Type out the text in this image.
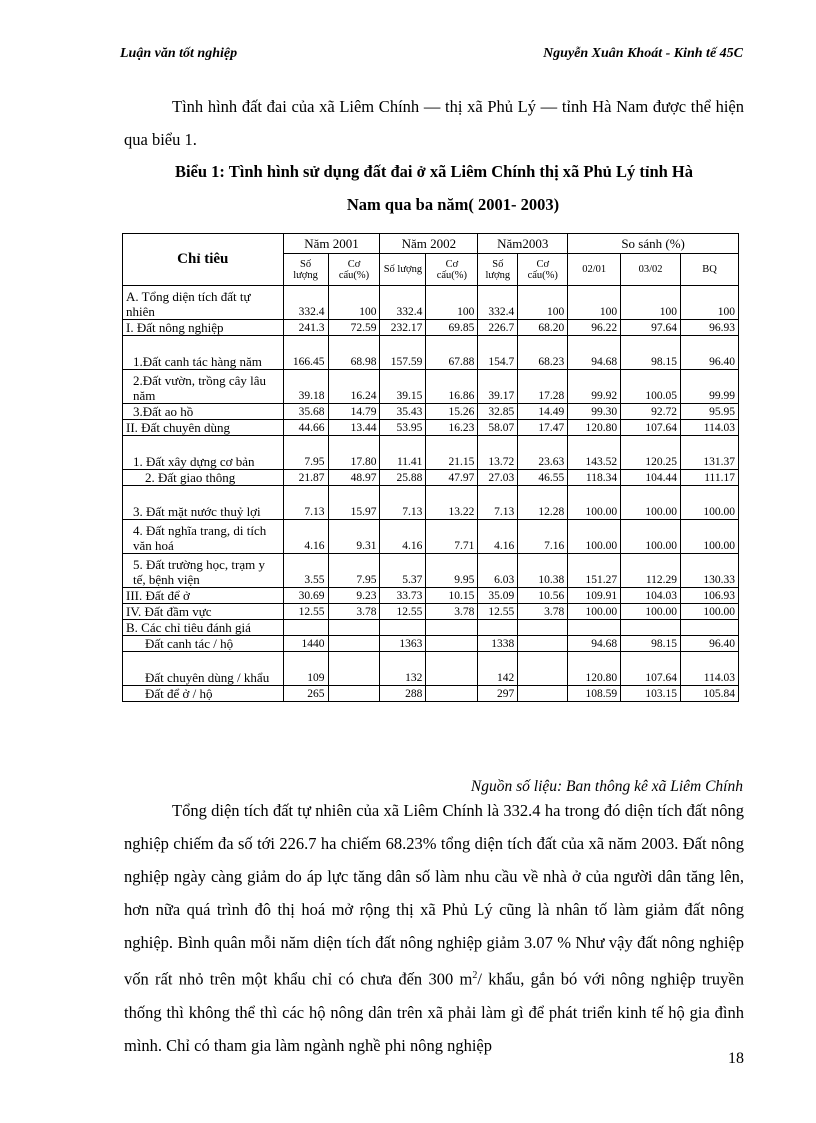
Luận văn tốt nghiệp	Nguyễn Xuân Khoát - Kinh tế 45C
Tình hình đất đai của xã Liêm Chính — thị xã Phủ Lý — tỉnh Hà Nam được thể hiện qua biểu 1.
Biểu 1: Tình hình sử dụng đất đai ở xã Liêm Chính thị xã Phủ Lý tỉnh Hà
Nam qua ba năm( 2001- 2003)
Chỉ tiêu	Năm 2001		Năm 2002		Năm2003		So sánh (%)		
	Số lượng	Cơ cấu(%)	Số lượng	Cơ cấu(%)	Số lượng	Cơ cấu(%)	02/01	03/02	BQ
A. Tổng diện tích đất tự nhiên	332.4	100	332.4	100	332.4	100	100	100	100
I. Đất nông nghiệp	241.3	72.59	232.17	69.85	226.7	68.20	96.22	97.64	96.93
1.Đất canh tác hàng năm	166.45	68.98	157.59	67.88	154.7	68.23	94.68	98.15	96.40
2.Đất vườn, trồng cây lâu năm	39.18	16.24	39.15	16.86	39.17	17.28	99.92	100.05	99.99
3.Đất ao hồ	35.68	14.79	35.43	15.26	32.85	14.49	99.30	92.72	95.95
II. Đất chuyên dùng	44.66	13.44	53.95	16.23	58.07	17.47	120.80	107.64	114.03
1. Đất xây dựng cơ bản	7.95	17.80	11.41	21.15	13.72	23.63	143.52	120.25	131.37
2. Đất giao thông	21.87	48.97	25.88	47.97	27.03	46.55	118.34	104.44	111.17
3. Đất mặt nước thuỷ lợi	7.13	15.97	7.13	13.22	7.13	12.28	100.00	100.00	100.00
4. Đất nghĩa trang, di tích văn hoá	4.16	9.31	4.16	7.71	4.16	7.16	100.00	100.00	100.00
5. Đất trường học, trạm y tế, bệnh viện	3.55	7.95	5.37	9.95	6.03	10.38	151.27	112.29	130.33
III. Đất để ở	30.69	9.23	33.73	10.15	35.09	10.56	109.91	104.03	106.93
IV. Đất đầm vực	12.55	3.78	12.55	3.78	12.55	3.78	100.00	100.00	100.00
B. Các chỉ tiêu đánh giá									
Đất canh tác / hộ	1440		1363		1338		94.68	98.15	96.40
Đất chuyên dùng / khẩu	109		132		142		120.80	107.64	114.03
Đất để ở / hộ	265		288		297		108.59	103.15	105.84
Nguồn số liệu: Ban thông kê xã Liêm Chính
Tổng diện tích đất tự nhiên của xã Liêm Chính là 332.4 ha trong đó diện tích đất nông nghiệp chiếm đa số tới 226.7 ha chiếm 68.23% tổng diện tích đất của xã năm 2003. Đất nông nghiệp ngày càng giảm do áp lực tăng dân số làm nhu cầu về nhà ở của người dân tăng lên, hơn nữa quá trình đô thị hoá mở rộng thị xã Phủ Lý cũng là nhân tố làm giảm đất nông nghiệp. Bình quân mỗi năm diện tích đất nông nghiệp giảm 3.07 % Như vậy đất nông nghiệp vốn rất nhỏ trên một khẩu chỉ có chưa đến 300 $m^2/$ khẩu, gắn bó với nông nghiệp truyền thống thì không thể thì các hộ nông dân trên xã phải làm gì để phát triển kinh tế hộ gia đình mình. Chỉ có tham gia làm ngành nghề phi nông nghiệp
18
